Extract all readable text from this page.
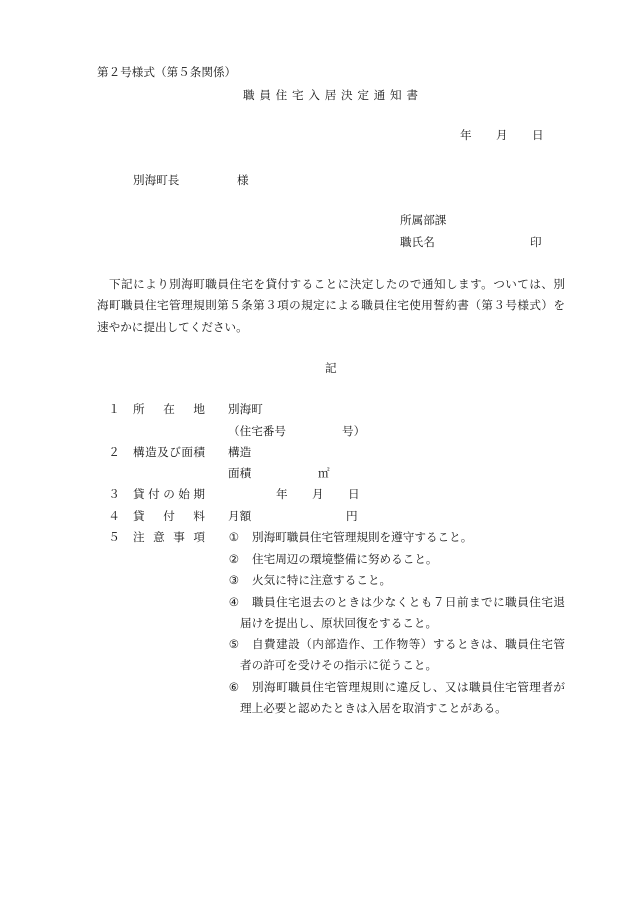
第２号様式（第５条関係）
職員住宅入居決定通知書
年 月 日
別海町長	様
所属部課
職氏名	印
下記により別海町職員住宅を貸付することに決定したので通知します。ついては、別
海町職員住宅管理規則第５条第３項の規定による職員住宅使用誓約書（第３号様式）を
速やかに提出してください。
記
１ 所在地 別海町
（住宅番号	号）
２ 構造及び面積 構造
面積	㎡
３ 貸付の始期	年 月 日
４ 貸付料 月額	円
５ 注意事項 ① 別海町職員住宅管理規則を遵守すること。
② 住宅周辺の環境整備に努めること。
③ 火気に特に注意すること。
④ 職員住宅退去のときは少なくとも７日前までに職員住宅退
届けを提出し、原状回復をすること。
⑤ 自費建設（内部造作、工作物等）するときは、職員住宅管
者の許可を受けその指示に従うこと。
⑥ 別海町職員住宅管理規則に違反し、又は職員住宅管理者が
理上必要と認めたときは入居を取消すことがある。
